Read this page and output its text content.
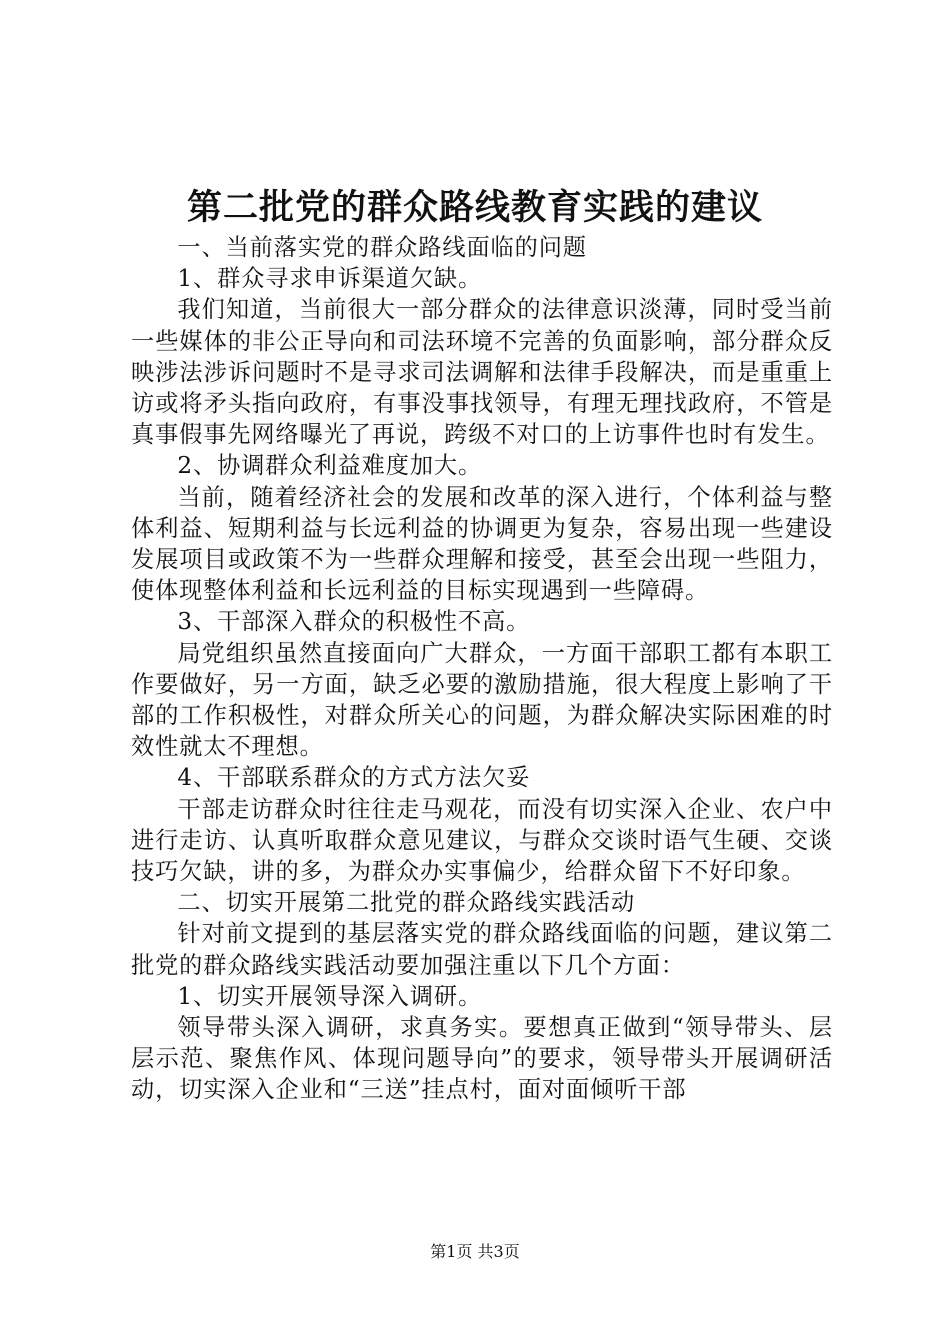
第二批党的群众路线教育实践的建议

一、当前落实党的群众路线面临的问题

1、群众寻求申诉渠道欠缺。

我们知道，当前很大一部分群众的法律意识淡薄，同时受当前一些媒体的非公正导向和司法环境不完善的负面影响，部分群众反映涉法涉诉问题时不是寻求司法调解和法律手段解决，而是重重上访或将矛头指向政府，有事没事找领导，有理无理找政府，不管是真事假事先网络曝光了再说，跨级不对口的上访事件也时有发生。

2、协调群众利益难度加大。

当前，随着经济社会的发展和改革的深入进行，个体利益与整体利益、短期利益与长远利益的协调更为复杂，容易出现一些建设发展项目或政策不为一些群众理解和接受，甚至会出现一些阻力，使体现整体利益和长远利益的目标实现遇到一些障碍。

3、干部深入群众的积极性不高。

局党组织虽然直接面向广大群众，一方面干部职工都有本职工作要做好，另一方面，缺乏必要的激励措施，很大程度上影响了干部的工作积极性，对群众所关心的问题，为群众解决实际困难的时效性就太不理想。

4、干部联系群众的方式方法欠妥

干部走访群众时往往走马观花，而没有切实深入企业、农户中进行走访、认真听取群众意见建议，与群众交谈时语气生硬、交谈技巧欠缺，讲的多，为群众办实事偏少，给群众留下不好印象。

二、切实开展第二批党的群众路线实践活动

针对前文提到的基层落实党的群众路线面临的问题，建议第二批党的群众路线实践活动要加强注重以下几个方面：

1、切实开展领导深入调研。

领导带头深入调研，求真务实。要想真正做到“领导带头、层层示范、聚焦作风、体现问题导向”的要求，领导带头开展调研活动，切实深入企业和“三送”挂点村，面对面倾听干部

第1页 共3页
